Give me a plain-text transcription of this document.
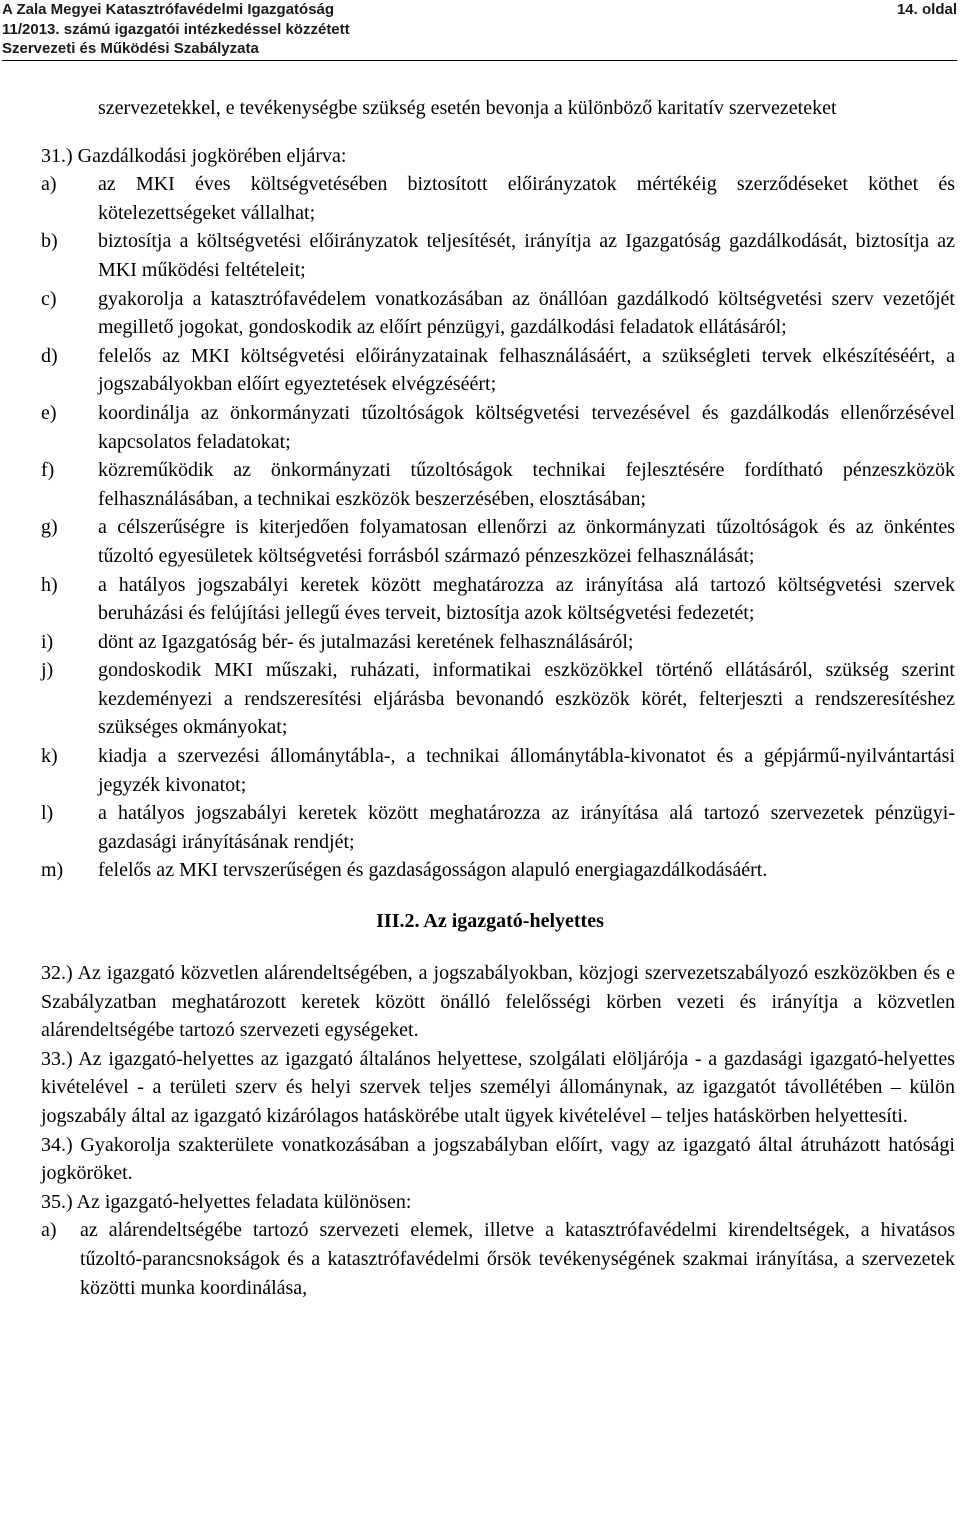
A Zala Megyei Katasztrófavédelmi Igazgatóság	14. oldal
11/2013. számú igazgatói intézkedéssel közzétett
Szervezeti és Működési Szabályzata
szervezetekkel, e tevékenységbe szükség esetén bevonja a különböző karitatív szervezeteket
31.) Gazdálkodási jogkörében eljárva:
a) az MKI éves költségvetésében biztosított előirányzatok mértékéig szerződéseket köthet és kötelezettségeket vállalhat;
b) biztosítja a költségvetési előirányzatok teljesítését, irányítja az Igazgatóság gazdálkodását, biztosítja az MKI működési feltételeit;
c) gyakorolja a katasztrófavédelem vonatkozásában az önállóan gazdálkodó költségvetési szerv vezetőjét megillető jogokat, gondoskodik az előírt pénzügyi, gazdálkodási feladatok ellátásáról;
d) felelős az MKI költségvetési előirányzatainak felhasználásáért, a szükségleti tervek elkészítéséért, a jogszabályokban előírt egyeztetések elvégzéséért;
e) koordinálja az önkormányzati tűzoltóságok költségvetési tervezésével és gazdálkodás ellenőrzésével kapcsolatos feladatokat;
f) közreműködik az önkormányzati tűzoltóságok technikai fejlesztésére fordítható pénzeszközök felhasználásában, a technikai eszközök beszerzésében, elosztásában;
g) a célszerűségre is kiterjedően folyamatosan ellenőrzi az önkormányzati tűzoltóságok és az önkéntes tűzoltó egyesületek költségvetési forrásból származó pénzeszközei felhasználását;
h) a hatályos jogszabályi keretek között meghatározza az irányítása alá tartozó költségvetési szervek beruházási és felújítási jellegű éves terveit, biztosítja azok költségvetési fedezetét;
i) dönt az Igazgatóság bér- és jutalmazási keretének felhasználásáról;
j) gondoskodik MKI műszaki, ruházati, informatikai eszközökkel történő ellátásáról, szükség szerint kezdeményezi a rendszeresítési eljárásba bevonandó eszközök körét, felterjeszti a rendszeresítéshez szükséges okmányokat;
k) kiadja a szervezési állománytábla-, a technikai állománytábla-kivonatot és a gépjármű-nyilvántartási jegyzék kivonatot;
l) a hatályos jogszabályi keretek között meghatározza az irányítása alá tartozó szervezetek pénzügyi-gazdasági irányításának rendjét;
m) felelős az MKI tervszerűségen és gazdaságosságon alapuló energiagazdálkodásáért.
III.2. Az igazgató-helyettes
32.) Az igazgató közvetlen alárendeltségében, a jogszabályokban, közjogi szervezetszabályozó eszközökben és e Szabályzatban meghatározott keretek között önálló felelősségi körben vezeti és irányítja a közvetlen alárendeltségébe tartozó szervezeti egységeket.
33.) Az igazgató-helyettes az igazgató általános helyettese, szolgálati elöljárója - a gazdasági igazgató-helyettes kivételével - a területi szerv és helyi szervek teljes személyi állománynak, az igazgatót távollétében – külön jogszabály által az igazgató kizárólagos hatáskörébe utalt ügyek kivételével – teljes hatáskörben helyettesíti.
34.) Gyakorolja szakterülete vonatkozásában a jogszabályban előírt, vagy az igazgató által átruházott hatósági jogköröket.
35.) Az igazgató-helyettes feladata különösen:
a) az alárendeltségébe tartozó szervezeti elemek, illetve a katasztrófavédelmi kirendeltségek, a hivatásos tűzoltó-parancsnokságok és a katasztrófavédelmi őrsök tevékenységének szakmai irányítása, a szervezetek közötti munka koordinálása,
